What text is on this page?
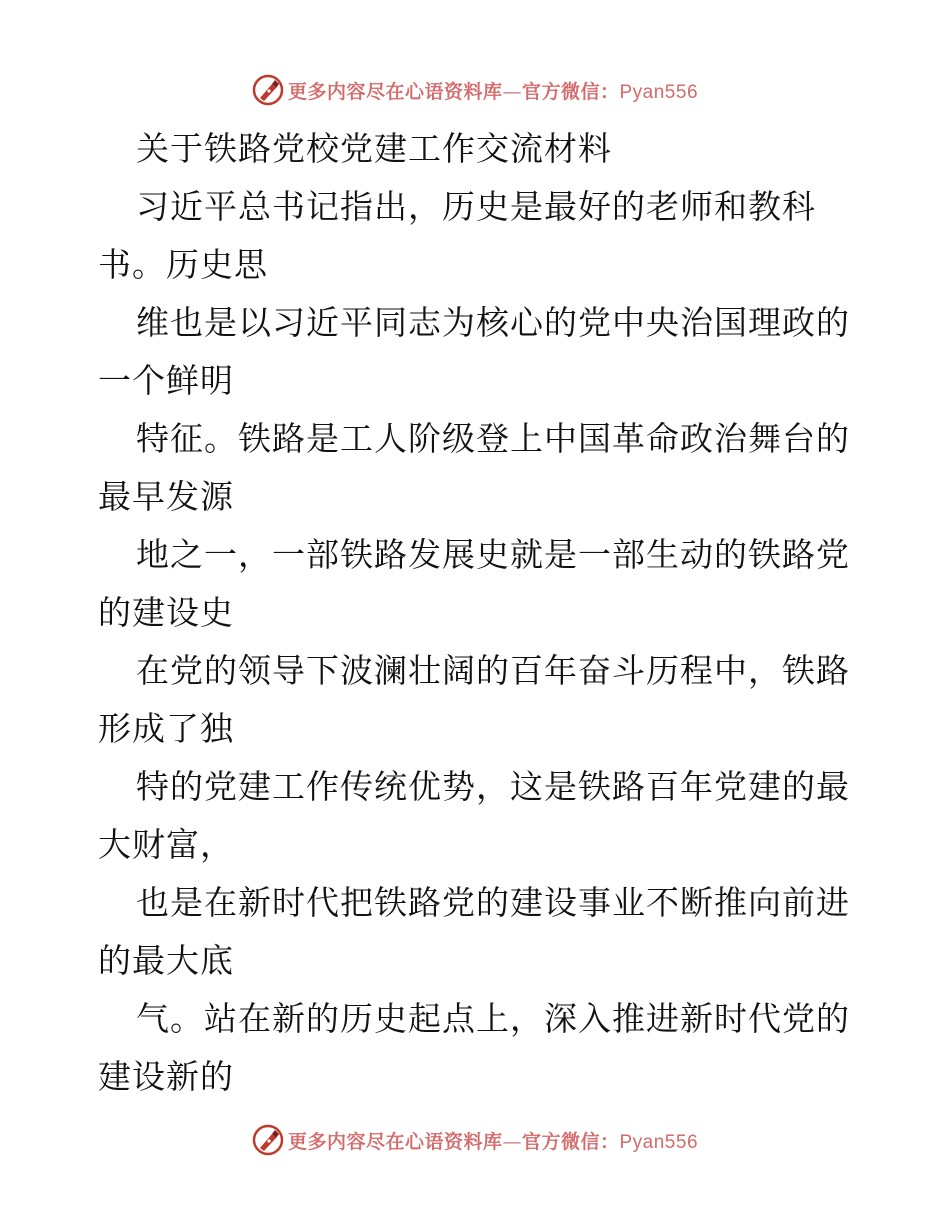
更多内容尽在心语资料库—官方微信：Pyan556
关于铁路党校党建工作交流材料
习近平总书记指出，历史是最好的老师和教科
书。历史思
维也是以习近平同志为核心的党中央治国理政的
一个鲜明
特征。铁路是工人阶级登上中国革命政治舞台的
最早发源
地之一，一部铁路发展史就是一部生动的铁路党
的建设史
在党的领导下波澜壮阔的百年奋斗历程中，铁路
形成了独
特的党建工作传统优势，这是铁路百年党建的最
大财富，
也是在新时代把铁路党的建设事业不断推向前进
的最大底
气。站在新的历史起点上，深入推进新时代党的
建设新的
更多内容尽在心语资料库—官方微信：Pyan556
